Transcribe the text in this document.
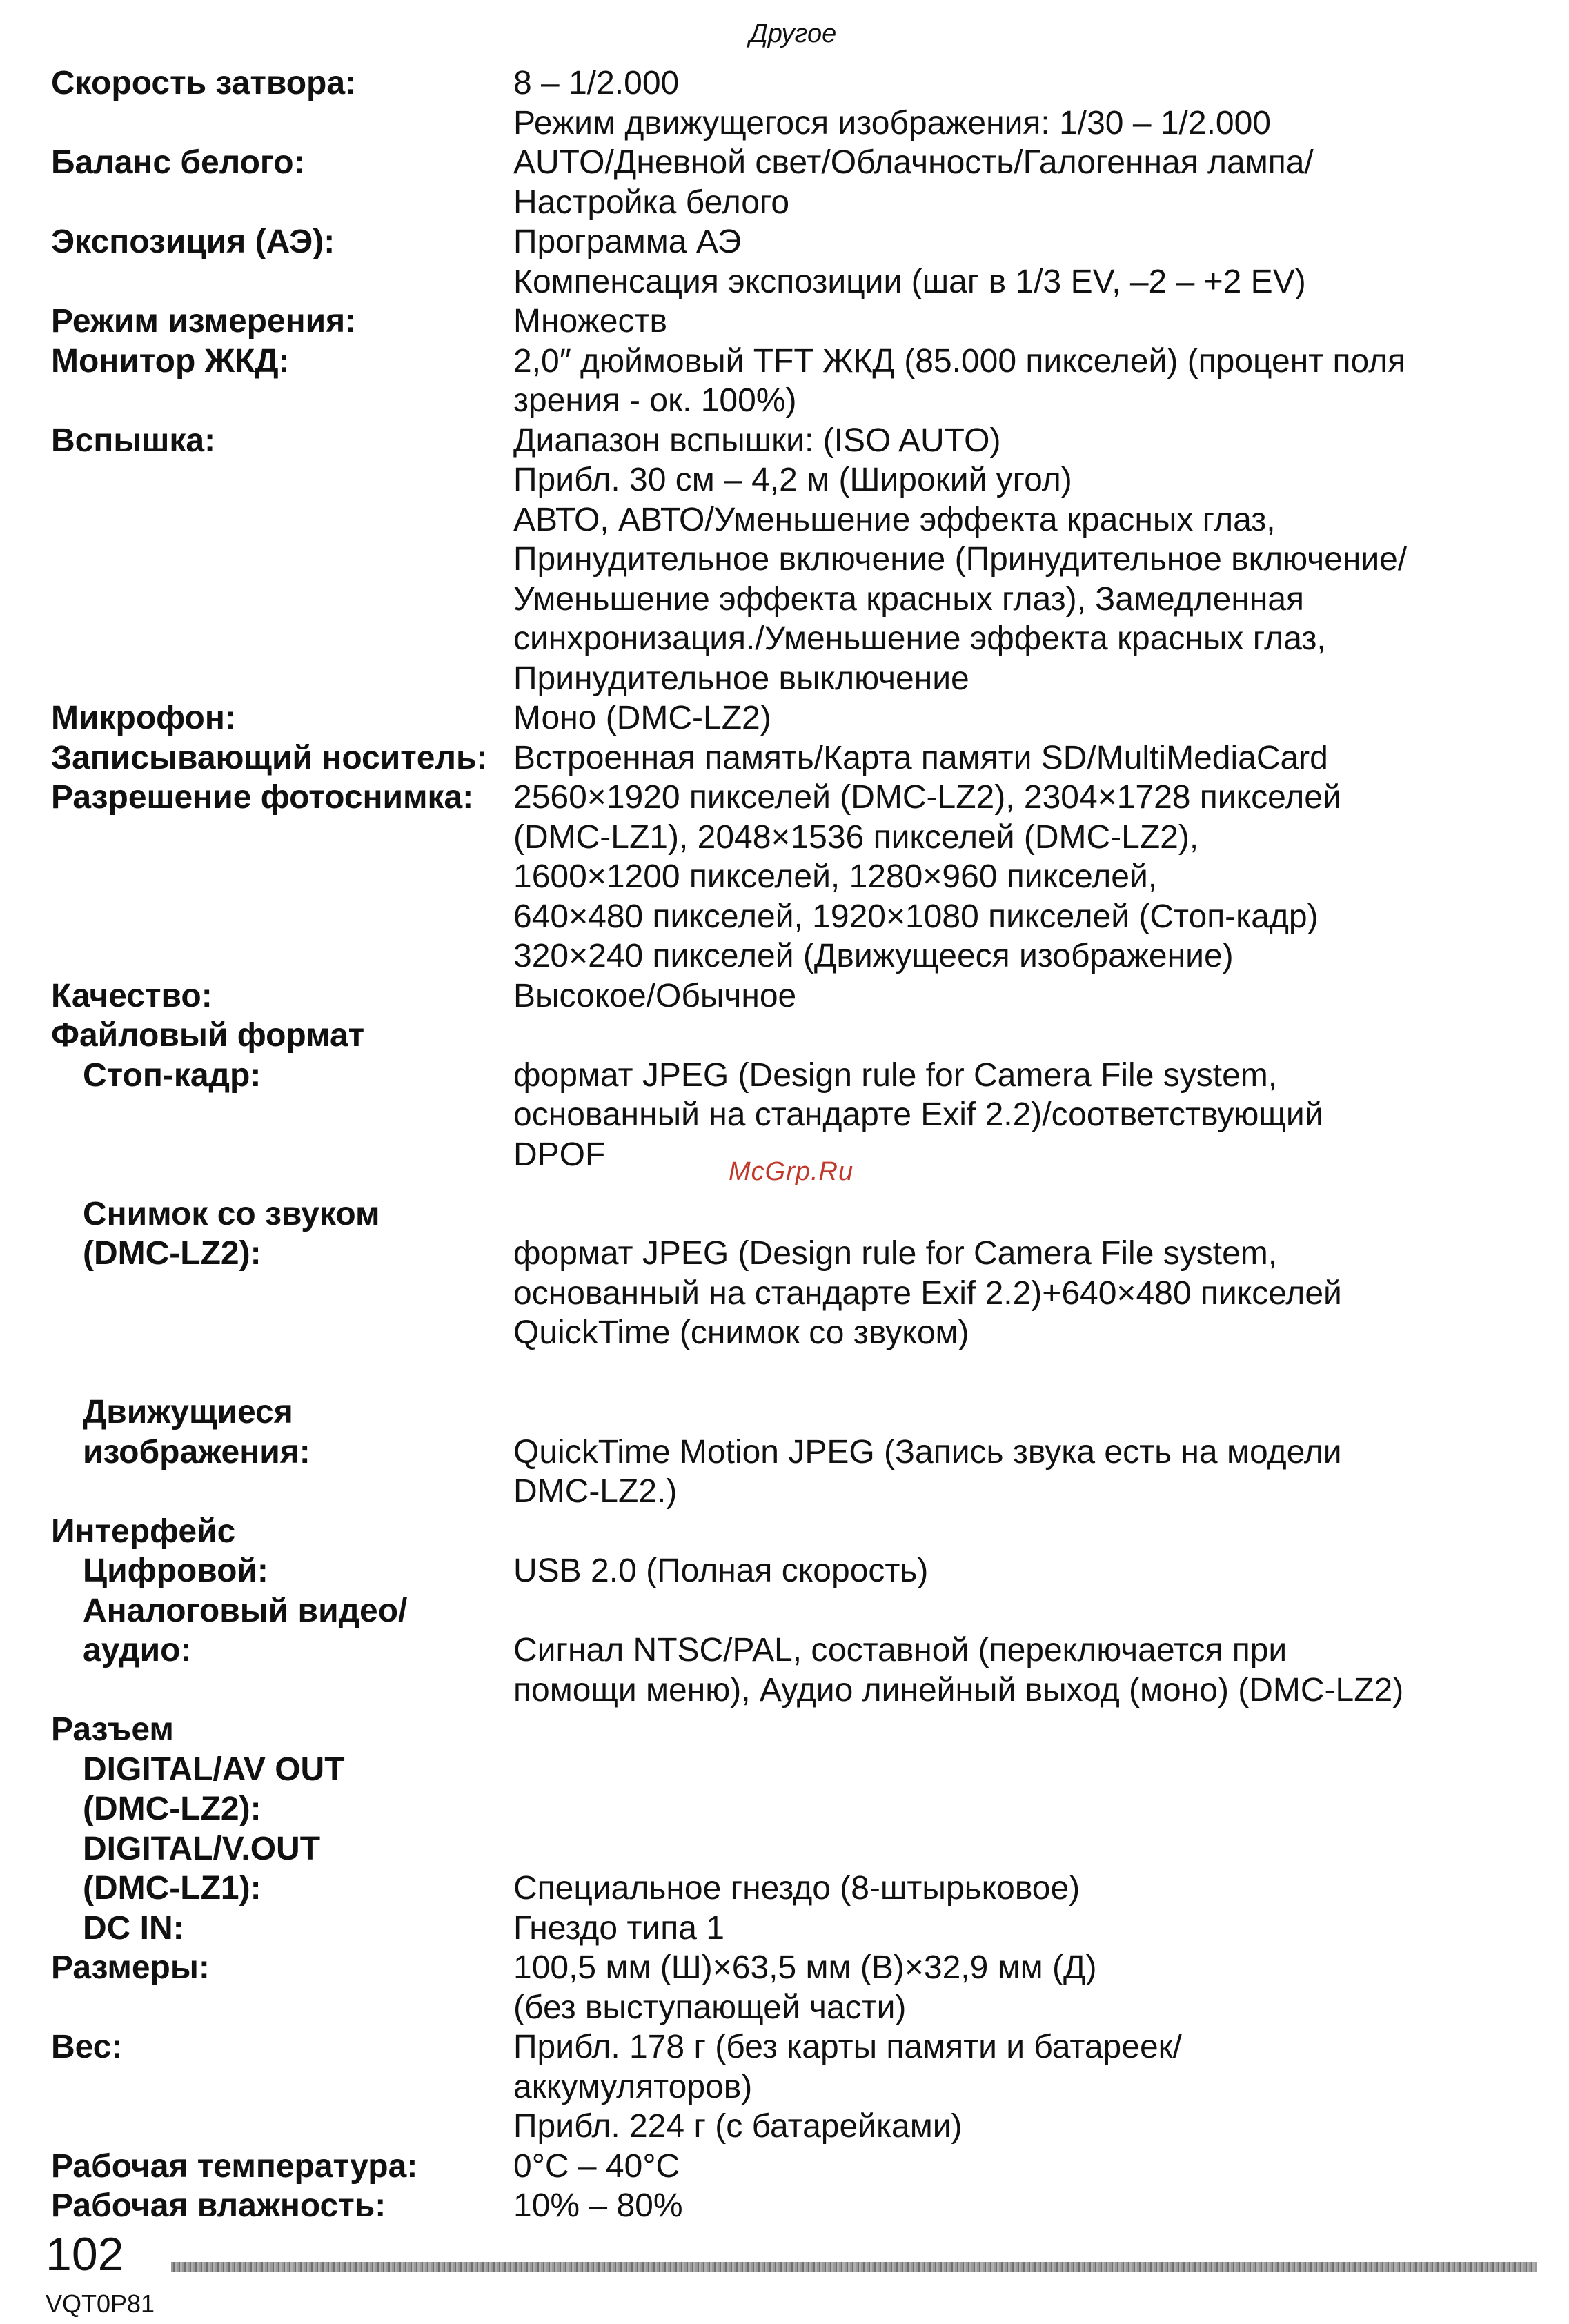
Другое
Скорость затвора:	8 – 1/2.000
Режим движущегося изображения: 1/30 – 1/2.000
Баланс белого:	AUTO/Дневной свет/Облачность/Галогенная лампа/
Настройка белого
Экспозиция (АЭ):	Программа АЭ
Компенсация экспозиции (шаг в 1/3 EV, –2 – +2 EV)
Режим измерения:	Множеств
Монитор ЖКД:	2,0″ дюймовый TFT ЖКД (85.000 пикселей) (процент поля
зрения - ок. 100%)
Вспышка:	Диапазон вспышки: (ISO AUTO)
Прибл. 30 см – 4,2 м (Широкий угол)
АВТО, АВТО/Уменьшение эффекта красных глаз,
Принудительное включение (Принудительное включение/
Уменьшение эффекта красных глаз), Замедленная
синхронизация./Уменьшение эффекта красных глаз,
Принудительное выключение
Микрофон:	Моно (DMC-LZ2)
Записывающий носитель: Встроенная память/Карта памяти SD/MultiMediaCard
Разрешение фотоснимка:	2560×1920 пикселей (DMC-LZ2), 2304×1728 пикселей
(DMC-LZ1), 2048×1536 пикселей (DMC-LZ2),
1600×1200 пикселей, 1280×960 пикселей,
640×480 пикселей, 1920×1080 пикселей (Стоп-кадр)
320×240 пикселей (Движущееся изображение)
Качество:	Высокое/Обычное
Файловый формат
Стоп-кадр:	формат JPEG (Design rule for Camera File system,
основанный на стандарте Exif 2.2)/соответствующий
DPOF
Снимок со звуком
(DMC-LZ2):	формат JPEG (Design rule for Camera File system,
основанный на стандарте Exif 2.2)+640×480 пикселей
QuickTime (снимок со звуком)
Движущиеся
изображения:	QuickTime Motion JPEG (Запись звука есть на модели
DMC-LZ2.)
Интерфейс
Цифровой:	USB 2.0 (Полная скорость)
Аналоговый видео/
аудио:	Сигнал NTSC/PAL, составной (переключается при
помощи меню), Аудио линейный выход (моно) (DMC-LZ2)
Разъем
DIGITAL/AV OUT
(DMC-LZ2):
DIGITAL/V.OUT
(DMC-LZ1):	Специальное гнездо (8-штырьковое)
DC IN:	Гнездо типа 1
Размеры:	100,5 мм (Ш)×63,5 мм (В)×32,9 мм (Д)
(без выступающей части)
Вес:	Прибл. 178 г (без карты памяти и батареек/
аккумуляторов)
Прибл. 224 г (с батарейками)
Рабочая температура:	0°C – 40°C
Рабочая влажность:	10% – 80%
McGrp.Ru
102
VQT0P81
